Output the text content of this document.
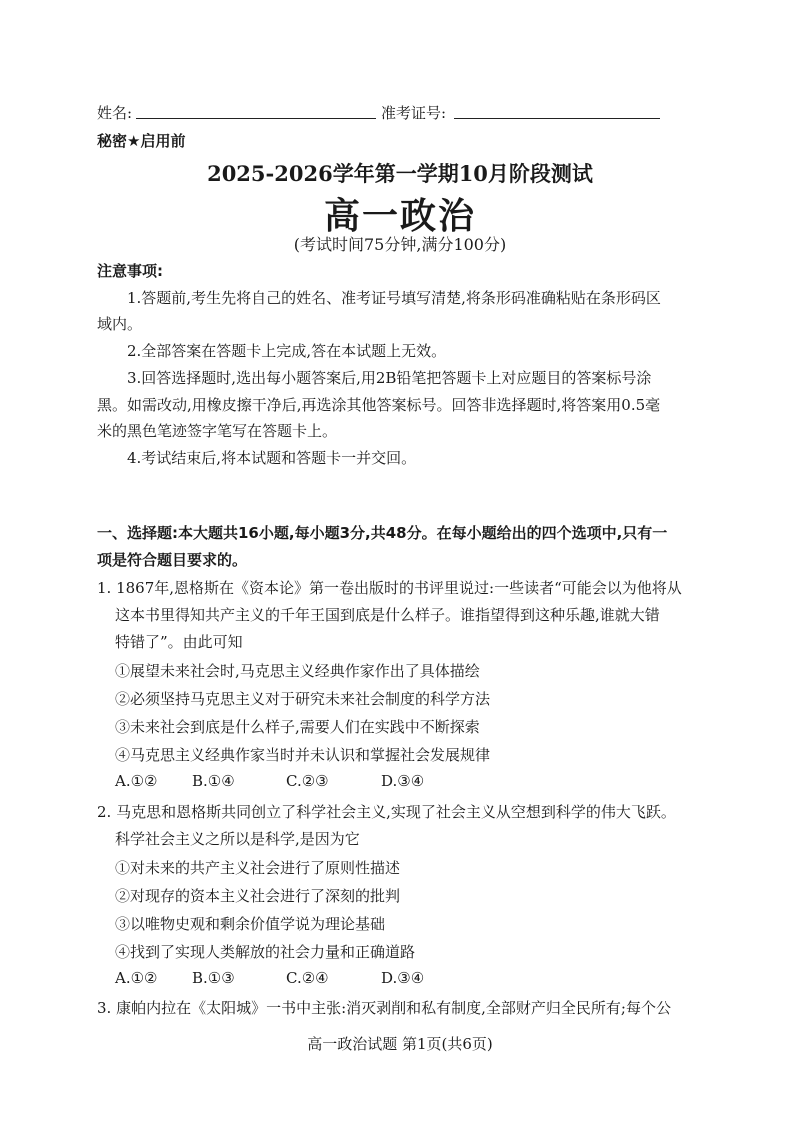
姓名:	准考证号:
秘密★启用前
2025-2026学年第一学期10月阶段测试
高一政治
(考试时间75分钟,满分100分)
注意事项:
1.答题前,考生先将自己的姓名、准考证号填写清楚,将条形码准确粘贴在条形码区
域内。
2.全部答案在答题卡上完成,答在本试题上无效。
3.回答选择题时,选出每小题答案后,用2B铅笔把答题卡上对应题目的答案标号涂
黑。如需改动,用橡皮擦干净后,再选涂其他答案标号。回答非选择题时,将答案用0.5毫
米的黑色笔迹签字笔写在答题卡上。
4.考试结束后,将本试题和答题卡一并交回。
一、选择题:本大题共16小题,每小题3分,共48分。在每小题给出的四个选项中,只有一
项是符合题目要求的。
1. 1867年,恩格斯在《资本论》第一卷出版时的书评里说过:一些读者“可能会以为他将从
这本书里得知共产主义的千年王国到底是什么样子。谁指望得到这种乐趣,谁就大错
特错了”。由此可知
①展望未来社会时,马克思主义经典作家作出了具体描绘
②必须坚持马克思主义对于研究未来社会制度的科学方法
③未来社会到底是什么样子,需要人们在实践中不断探索
④马克思主义经典作家当时并未认识和掌握社会发展规律
A.①② B.①④	C.②③	D.③④
2. 马克思和恩格斯共同创立了科学社会主义,实现了社会主义从空想到科学的伟大飞跃。
科学社会主义之所以是科学,是因为它
①对未来的共产主义社会进行了原则性描述
②对现存的资本主义社会进行了深刻的批判
③以唯物史观和剩余价值学说为理论基础
④找到了实现人类解放的社会力量和正确道路
A.①② B.①③	C.②④	D.③④
3. 康帕内拉在《太阳城》一书中主张:消灭剥削和私有制度,全部财产归全民所有;每个公
高一政治试题 第1页(共6页)
